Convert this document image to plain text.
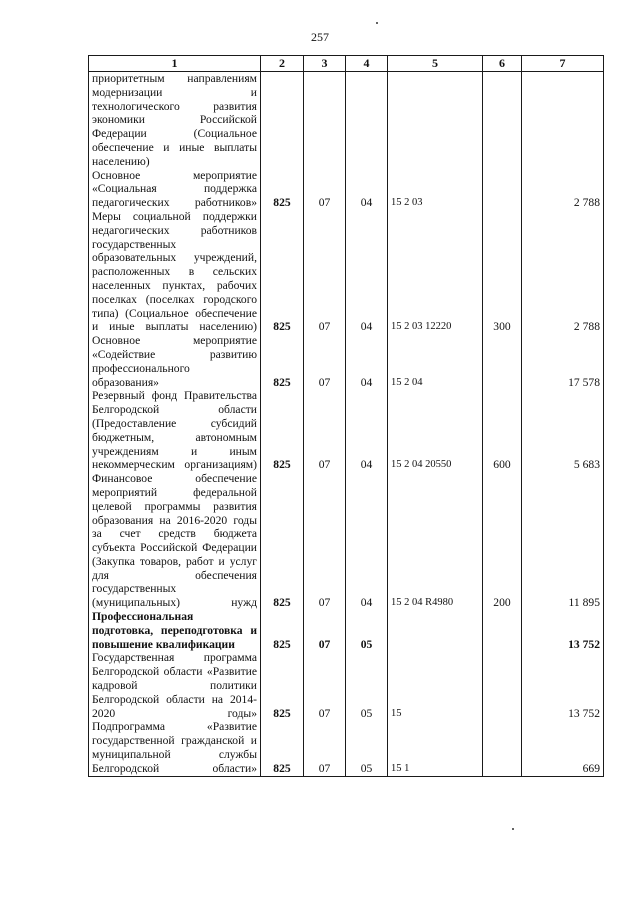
257
1	2	3	4	5	6	7
приоритетным направлениям модернизации и технологического развития экономики Российской Федерации (Социальное обеспечение и иные выплаты населению)						
Основное мероприятие «Социальная поддержка педагогических работников»	825	07	04	15 2 03		2 788
Меры социальной поддержки недагогических работников государственных образовательных учреждений, расположенных в сельских населенных пунктах, рабочих поселках (поселках городского типа) (Социальное обеспечение и иные выплаты населению)	825	07	04	15 2 03 12220	300	2 788
Основное мероприятие «Содействие развитию профессионального образования»	825	07	04	15 2 04		17 578
Резервный фонд Правительства Белгородской области (Предоставление субсидий бюджетным, автономным учреждениям и иным некоммерческим организациям)	825	07	04	15 2 04 20550	600	5 683
Финансовое обеспечение мероприятий федеральной целевой программы развития образования на 2016-2020 годы за счет средств бюджета субъекта Российской Федерации (Закупка товаров, работ и услуг для обеспечения государственных (муниципальных) нужд	825	07	04	15 2 04 R4980	200	11 895
Профессиональная подготовка, переподготовка и повышение квалификации	825	07	05			13 752
Государственная программа Белгородской области «Развитие кадровой политики Белгородской области на 2014-2020 годы»	825	07	05	15		13 752
Подпрограмма «Развитие государственной гражданской и муниципальной службы Белгородской области»	825	07	05	15 1		669
